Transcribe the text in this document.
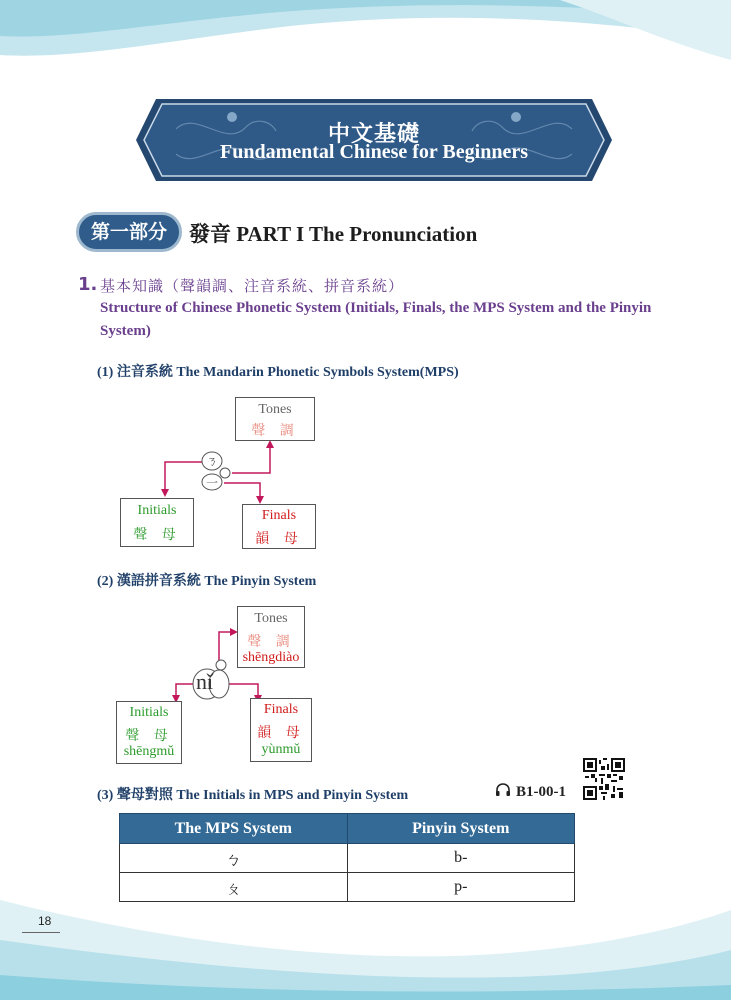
中文基礎
Fundamental Chinese for Beginners
第一部分	發音 PART I The Pronunciation
1. 基本知識（聲韻調、注音系統、拼音系統）
Structure of Chinese Phonetic System (Initials, Finals, the MPS System and the Pinyin System)
(1) 注音系統 The Mandarin Phonetic Symbols System(MPS)
ㄋ
一
Tones
聲 調
Initials
聲 母
Finals
韻 母
(2) 漢語拼音系統 The Pinyin System
nǐ
Tones
聲 調
shēngdiào
Initials
聲 母
shēngmǔ
Finals
韻 母
yùnmǔ
(3) 聲母對照 The Initials in MPS and Pinyin System	B1-00-1
The MPS System	Pinyin System
ㄅ	b-
ㄆ	p-
18
